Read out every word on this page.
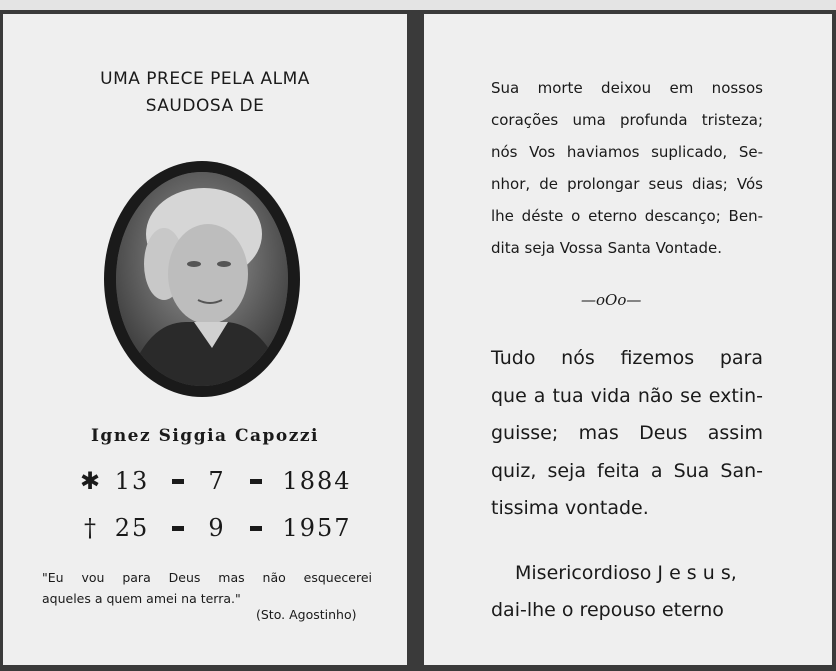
UMA PRECE PELA ALMA
SAUDOSA DE
Ignez Siggia Capozzi
✱ 13 7 1884
† 25 9 1957
"Eu vou para Deus mas não esquecerei
aqueles a quem amei na terra."
(Sto. Agostinho)
Sua morte deixou em nossos
corações uma profunda tristeza;
nós Vos haviamos suplicado, Se-
nhor, de prolongar seus dias; Vós
lhe déste o eterno descanço; Ben-
dita seja Vossa Santa Vontade.
—oOo—
Tudo nós fizemos para
que a tua vida não se extin-
guisse; mas Deus assim
quiz, seja feita a Sua San-
tissima vontade.
Misericordioso J e s u s,
dai-lhe o repouso eterno
